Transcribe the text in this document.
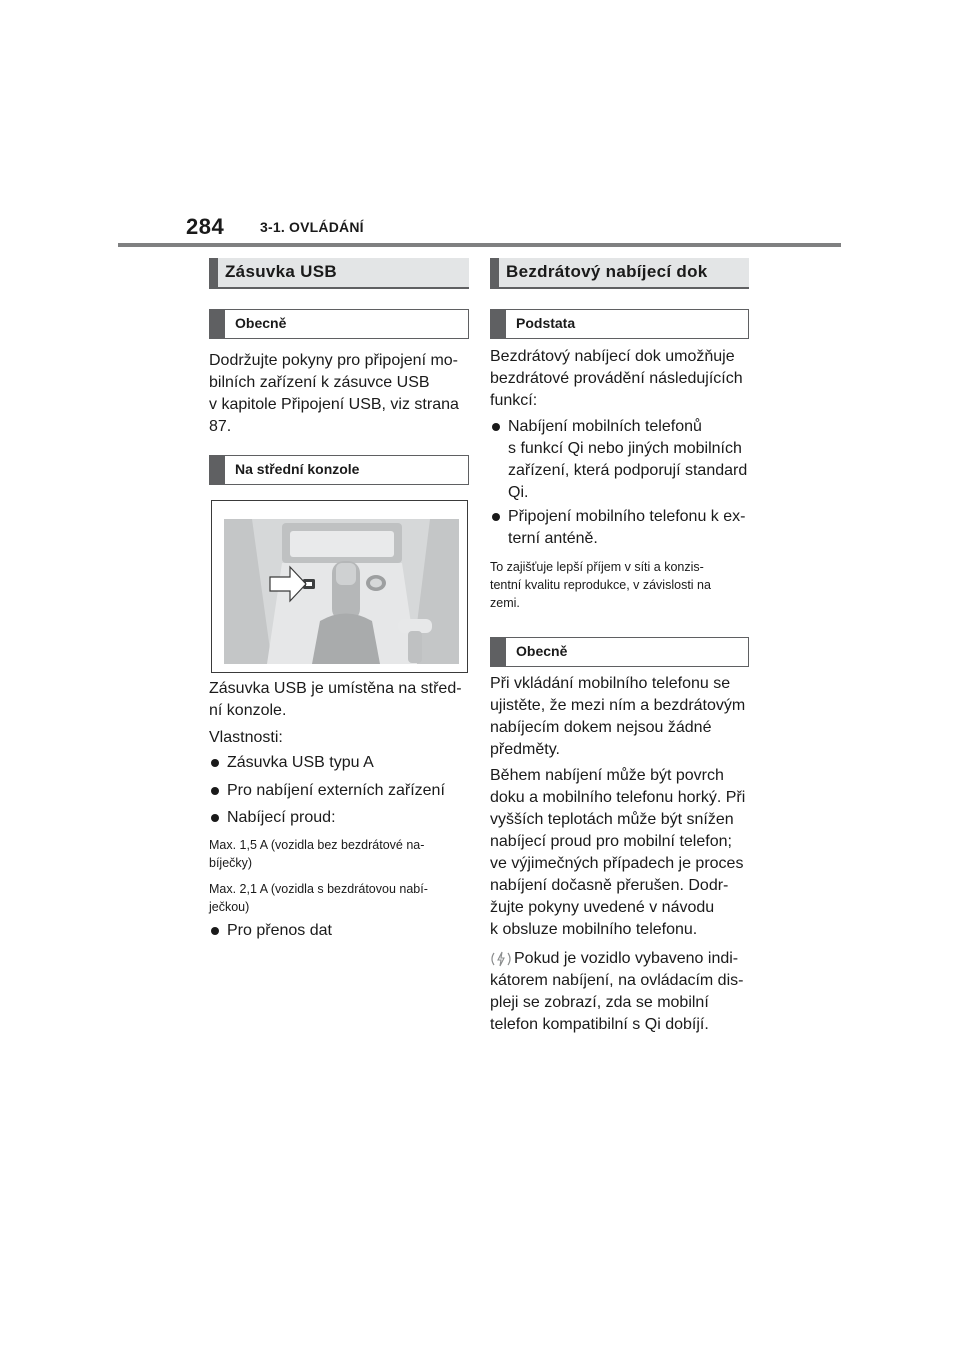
284	3-1. OVLÁDÁNÍ
Zásuvka USB
Obecně
Dodržujte pokyny pro připojení mo-
bilních zařízení k zásuvce USB
v kapitole Připojení USB, viz strana
87.
Na střední konzole
Zásuvka USB je umístěna na střed-
ní konzole.
Vlastnosti:
Zásuvka USB typu A
Pro nabíjení externích zařízení
Nabíjecí proud:
Max. 1,5 A (vozidla bez bezdrátové na-
bíječky)
Max. 2,1 A (vozidla s bezdrátovou nabí-
ječkou)
Pro přenos dat
Bezdrátový nabíjecí dok
Podstata
Bezdrátový nabíjecí dok umožňuje
bezdrátové provádění následujících
funkcí:
Nabíjení mobilních telefonů
s funkcí Qi nebo jiných mobilních
zařízení, která podporují standard
Qi.
Připojení mobilního telefonu k ex-
terní anténě.
To zajišťuje lepší příjem v síti a konzis-
tentní kvalitu reprodukce, v závislosti na
zemi.
Obecně
Při vkládání mobilního telefonu se
ujistěte, že mezi ním a bezdrátovým
nabíjecím dokem nejsou žádné
předměty.
Během nabíjení může být povrch
doku a mobilního telefonu horký. Při
vyšších teplotách může být snížen
nabíjecí proud pro mobilní telefon;
ve výjimečných případech je proces
nabíjení dočasně přerušen. Dodr-
žujte pokyny uvedené v návodu
k obsluze mobilního telefonu.
Pokud je vozidlo vybaveno indi-
kátorem nabíjení, na ovládacím dis-
pleji se zobrazí, zda se mobilní
telefon kompatibilní s Qi dobíjí.
